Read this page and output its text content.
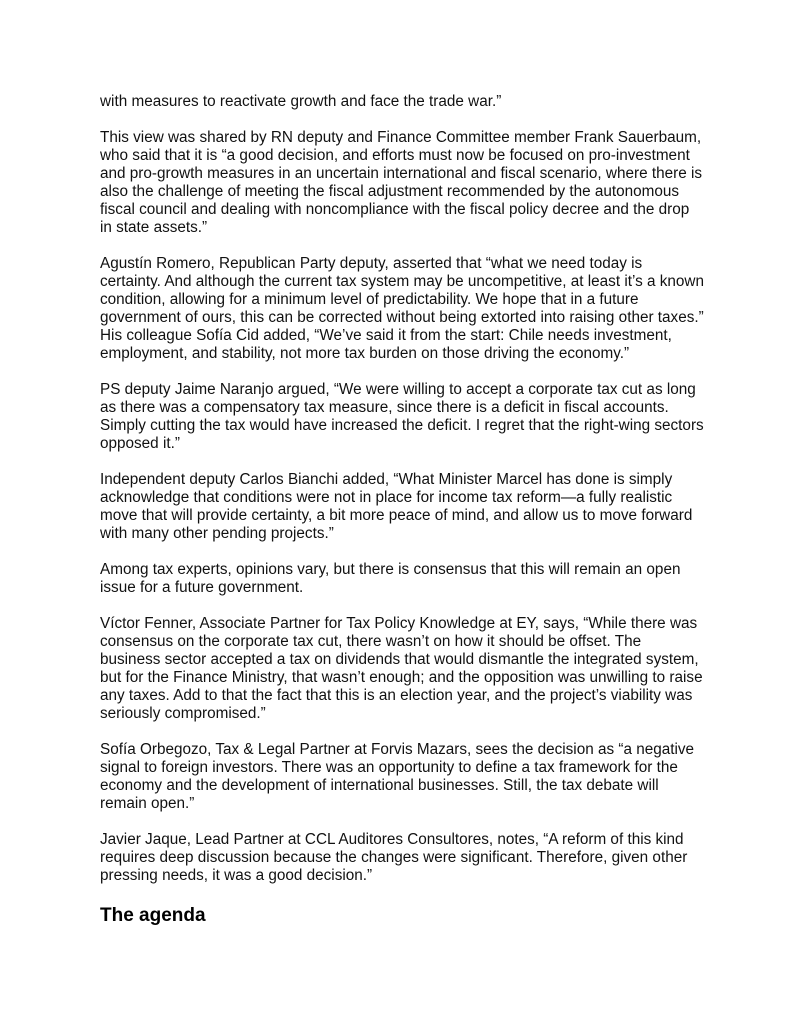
with measures to reactivate growth and face the trade war.”

This view was shared by RN deputy and Finance Committee member Frank Sauerbaum, who said that it is “a good decision, and efforts must now be focused on pro-investment and pro-growth measures in an uncertain international and fiscal scenario, where there is also the challenge of meeting the fiscal adjustment recommended by the autonomous fiscal council and dealing with noncompliance with the fiscal policy decree and the drop in state assets.”

Agustín Romero, Republican Party deputy, asserted that “what we need today is certainty. And although the current tax system may be uncompetitive, at least it’s a known condition, allowing for a minimum level of predictability. We hope that in a future government of ours, this can be corrected without being extorted into raising other taxes.” His colleague Sofía Cid added, “We’ve said it from the start: Chile needs investment, employment, and stability, not more tax burden on those driving the economy.”

PS deputy Jaime Naranjo argued, “We were willing to accept a corporate tax cut as long as there was a compensatory tax measure, since there is a deficit in fiscal accounts. Simply cutting the tax would have increased the deficit. I regret that the right-wing sectors opposed it.”

Independent deputy Carlos Bianchi added, “What Minister Marcel has done is simply acknowledge that conditions were not in place for income tax reform—a fully realistic move that will provide certainty, a bit more peace of mind, and allow us to move forward with many other pending projects.”

Among tax experts, opinions vary, but there is consensus that this will remain an open issue for a future government.

Víctor Fenner, Associate Partner for Tax Policy Knowledge at EY, says, “While there was consensus on the corporate tax cut, there wasn’t on how it should be offset. The business sector accepted a tax on dividends that would dismantle the integrated system, but for the Finance Ministry, that wasn’t enough; and the opposition was unwilling to raise any taxes. Add to that the fact that this is an election year, and the project’s viability was seriously compromised.”

Sofía Orbegozo, Tax & Legal Partner at Forvis Mazars, sees the decision as “a negative signal to foreign investors. There was an opportunity to define a tax framework for the economy and the development of international businesses. Still, the tax debate will remain open.”

Javier Jaque, Lead Partner at CCL Auditores Consultores, notes, “A reform of this kind requires deep discussion because the changes were significant. Therefore, given other pressing needs, it was a good decision.”

The agenda
